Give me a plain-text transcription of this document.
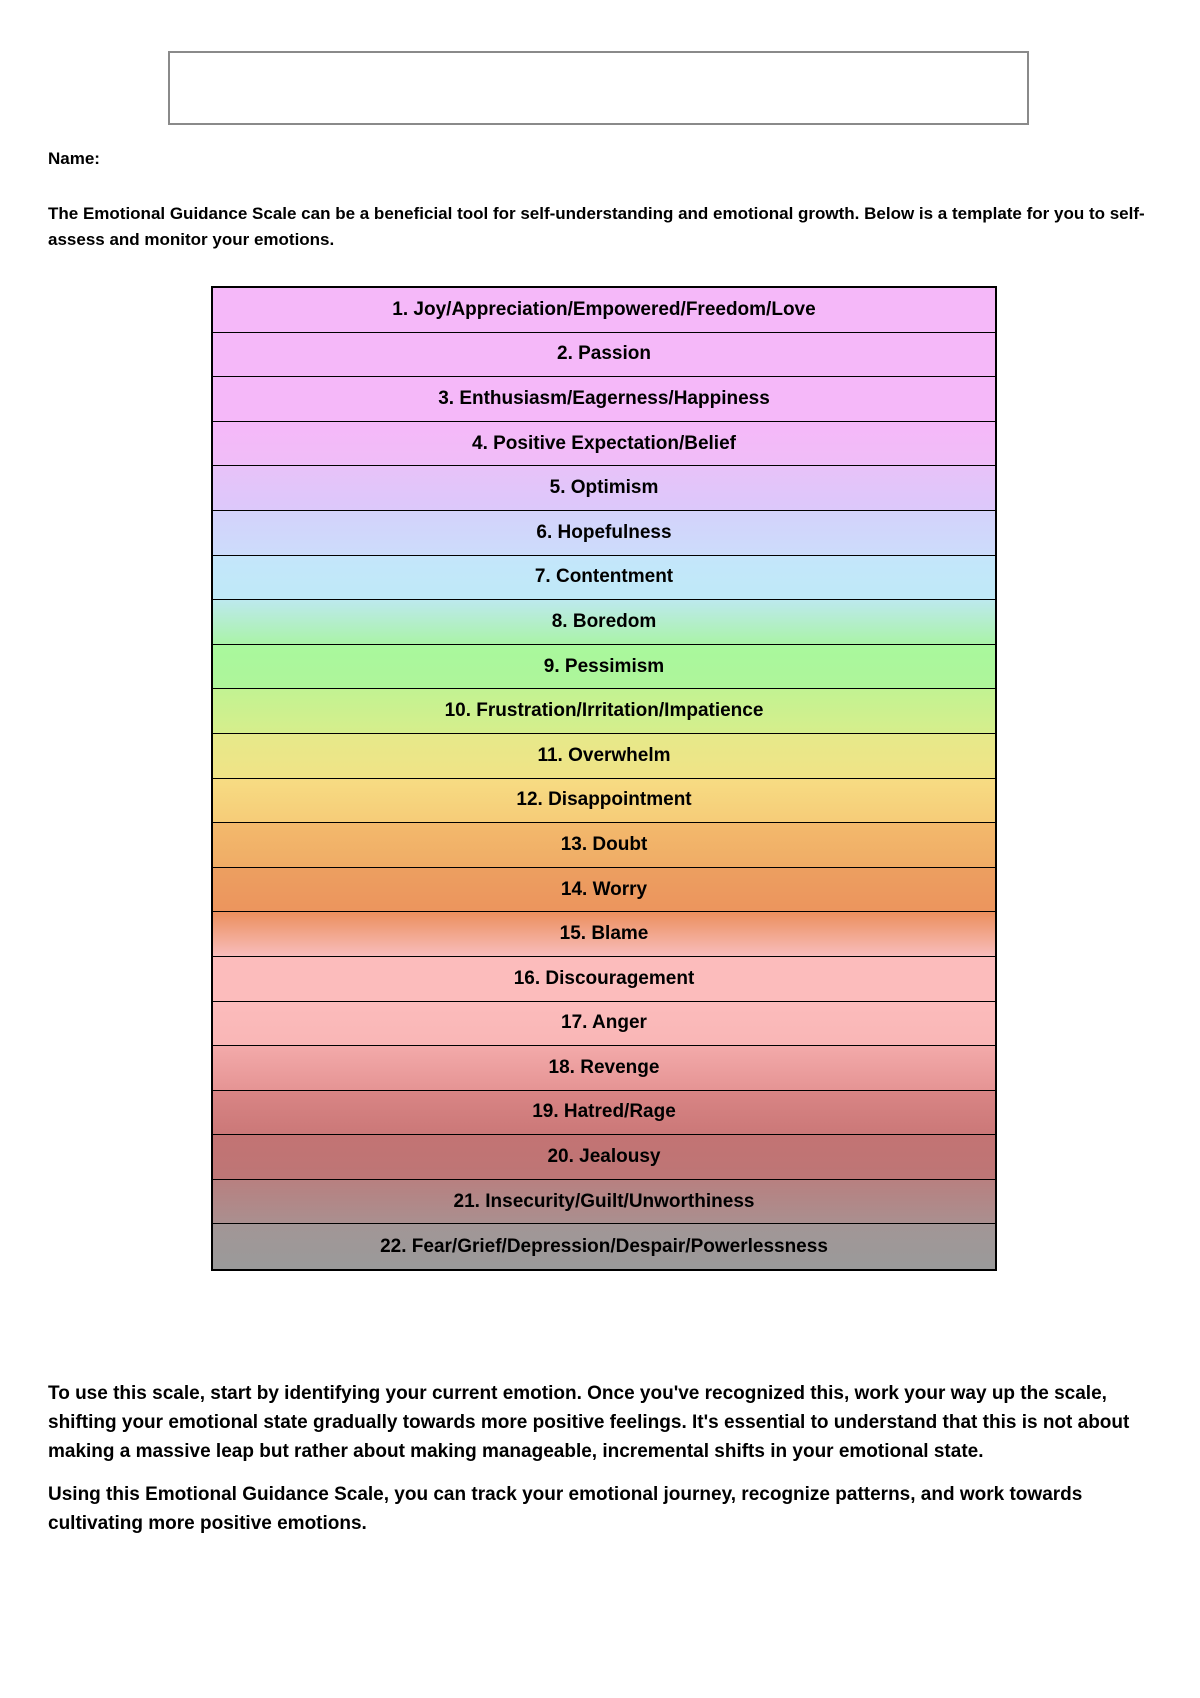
Name:
The Emotional Guidance Scale can be a beneficial tool for self-understanding and emotional growth. Below is a template for you to self-assess and monitor your emotions.
1. Joy/Appreciation/Empowered/Freedom/Love
2. Passion
3. Enthusiasm/Eagerness/Happiness
4. Positive Expectation/Belief
5. Optimism
6. Hopefulness
7. Contentment
8. Boredom
9. Pessimism
10. Frustration/Irritation/Impatience
11. Overwhelm
12. Disappointment
13. Doubt
14. Worry
15. Blame
16. Discouragement
17. Anger
18. Revenge
19. Hatred/Rage
20. Jealousy
21. Insecurity/Guilt/Unworthiness
22. Fear/Grief/Depression/Despair/Powerlessness

To use this scale, start by identifying your current emotion. Once you've recognized this, work your way up the scale, shifting your emotional state gradually towards more positive feelings. It's essential to understand that this is not about making a massive leap but rather about making manageable, incremental shifts in your emotional state.

Using this Emotional Guidance Scale, you can track your emotional journey, recognize patterns, and work towards cultivating more positive emotions.
